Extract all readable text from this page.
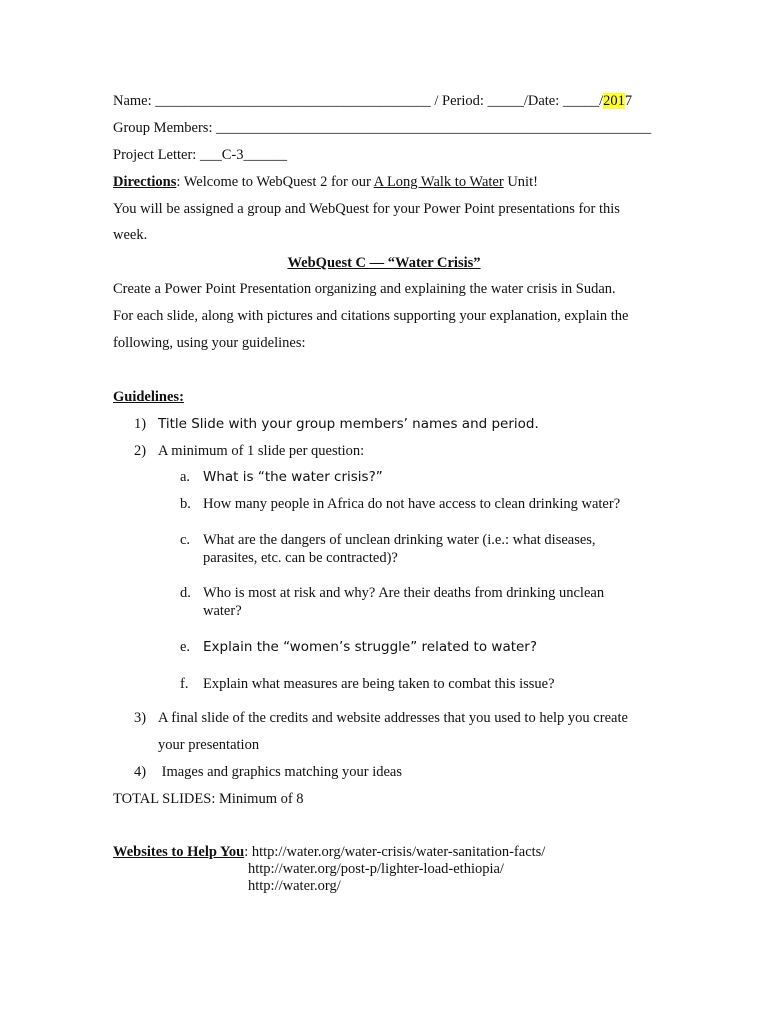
Name: ______________________________________ / Period: _____/Date: _____/2017
Group Members: ____________________________________________________________
Project Letter: ___C-3______
Directions: Welcome to WebQuest 2 for our A Long Walk to Water Unit!
You will be assigned a group and WebQuest for your Power Point presentations for this
week.
WebQuest C — “Water Crisis”
Create a Power Point Presentation organizing and explaining the water crisis in Sudan.
For each slide, along with pictures and citations supporting your explanation, explain the
following, using your guidelines:
Guidelines:
1) Title Slide with your group members’ names and period.
2) A minimum of 1 slide per question:
a. What is “the water crisis?”
b. How many people in Africa do not have access to clean drinking water?
c. What are the dangers of unclean drinking water (i.e.: what diseases, parasites, etc. can be contracted)?
d. Who is most at risk and why? Are their deaths from drinking unclean water?
e. Explain the “women’s struggle” related to water?
f. Explain what measures are being taken to combat this issue?
3) A final slide of the credits and website addresses that you used to help you create
your presentation
4) Images and graphics matching your ideas
TOTAL SLIDES: Minimum of 8
Websites to Help You: http://water.org/water-crisis/water-sanitation-facts/
http://water.org/post-p/lighter-load-ethiopia/
http://water.org/
